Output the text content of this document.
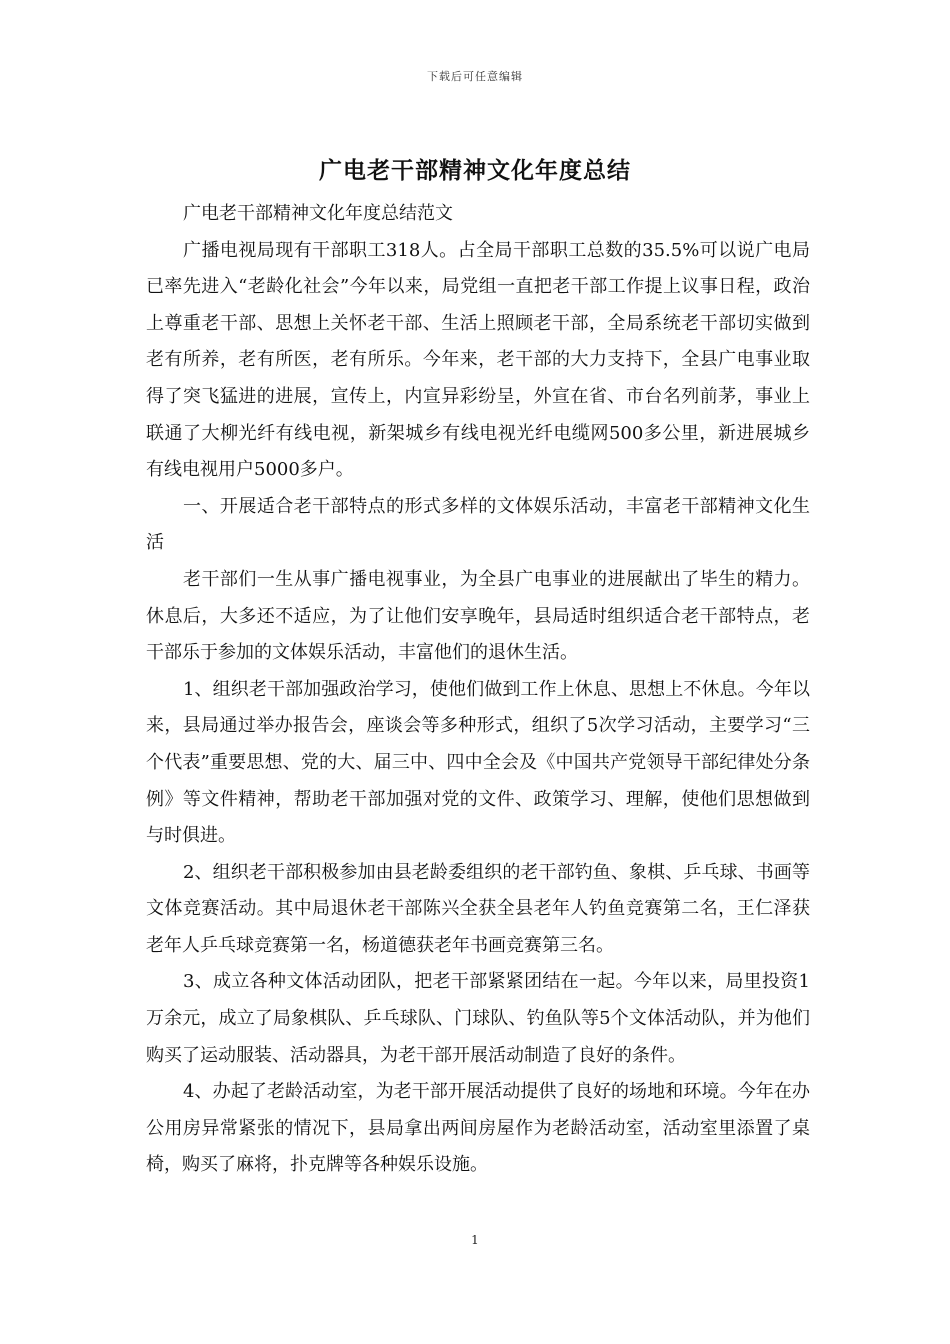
下载后可任意编辑
广电老干部精神文化年度总结

广电老干部精神文化年度总结范文

广播电视局现有干部职工318人。占全局干部职工总数的35.5%可以说广电局已率先进入“老龄化社会”今年以来，局党组一直把老干部工作提上议事日程，政治上尊重老干部、思想上关怀老干部、生活上照顾老干部，全局系统老干部切实做到老有所养，老有所医，老有所乐。今年来，老干部的大力支持下，全县广电事业取得了突飞猛进的进展，宣传上，内宣异彩纷呈，外宣在省、市台名列前茅，事业上联通了大柳光纤有线电视，新架城乡有线电视光纤电缆网500多公里，新进展城乡有线电视用户5000多户。

一、开展适合老干部特点的形式多样的文体娱乐活动，丰富老干部精神文化生活

老干部们一生从事广播电视事业，为全县广电事业的进展献出了毕生的精力。休息后，大多还不适应，为了让他们安享晚年，县局适时组织适合老干部特点，老干部乐于参加的文体娱乐活动，丰富他们的退休生活。

1、组织老干部加强政治学习，使他们做到工作上休息、思想上不休息。今年以来，县局通过举办报告会，座谈会等多种形式，组织了5次学习活动，主要学习“三个代表”重要思想、党的大、届三中、四中全会及《中国共产党领导干部纪律处分条例》等文件精神，帮助老干部加强对党的文件、政策学习、理解，使他们思想做到与时俱进。

2、组织老干部积极参加由县老龄委组织的老干部钓鱼、象棋、乒乓球、书画等文体竞赛活动。其中局退休老干部陈兴全获全县老年人钓鱼竞赛第二名，王仁泽获老年人乒乓球竞赛第一名，杨道德获老年书画竞赛第三名。

3、成立各种文体活动团队，把老干部紧紧团结在一起。今年以来，局里投资1万余元，成立了局象棋队、乒乓球队、门球队、钓鱼队等5个文体活动队，并为他们购买了运动服装、活动器具，为老干部开展活动制造了良好的条件。

4、办起了老龄活动室，为老干部开展活动提供了良好的场地和环境。今年在办公用房异常紧张的情况下，县局拿出两间房屋作为老龄活动室，活动室里添置了桌椅，购买了麻将，扑克牌等各种娱乐设施。

1
